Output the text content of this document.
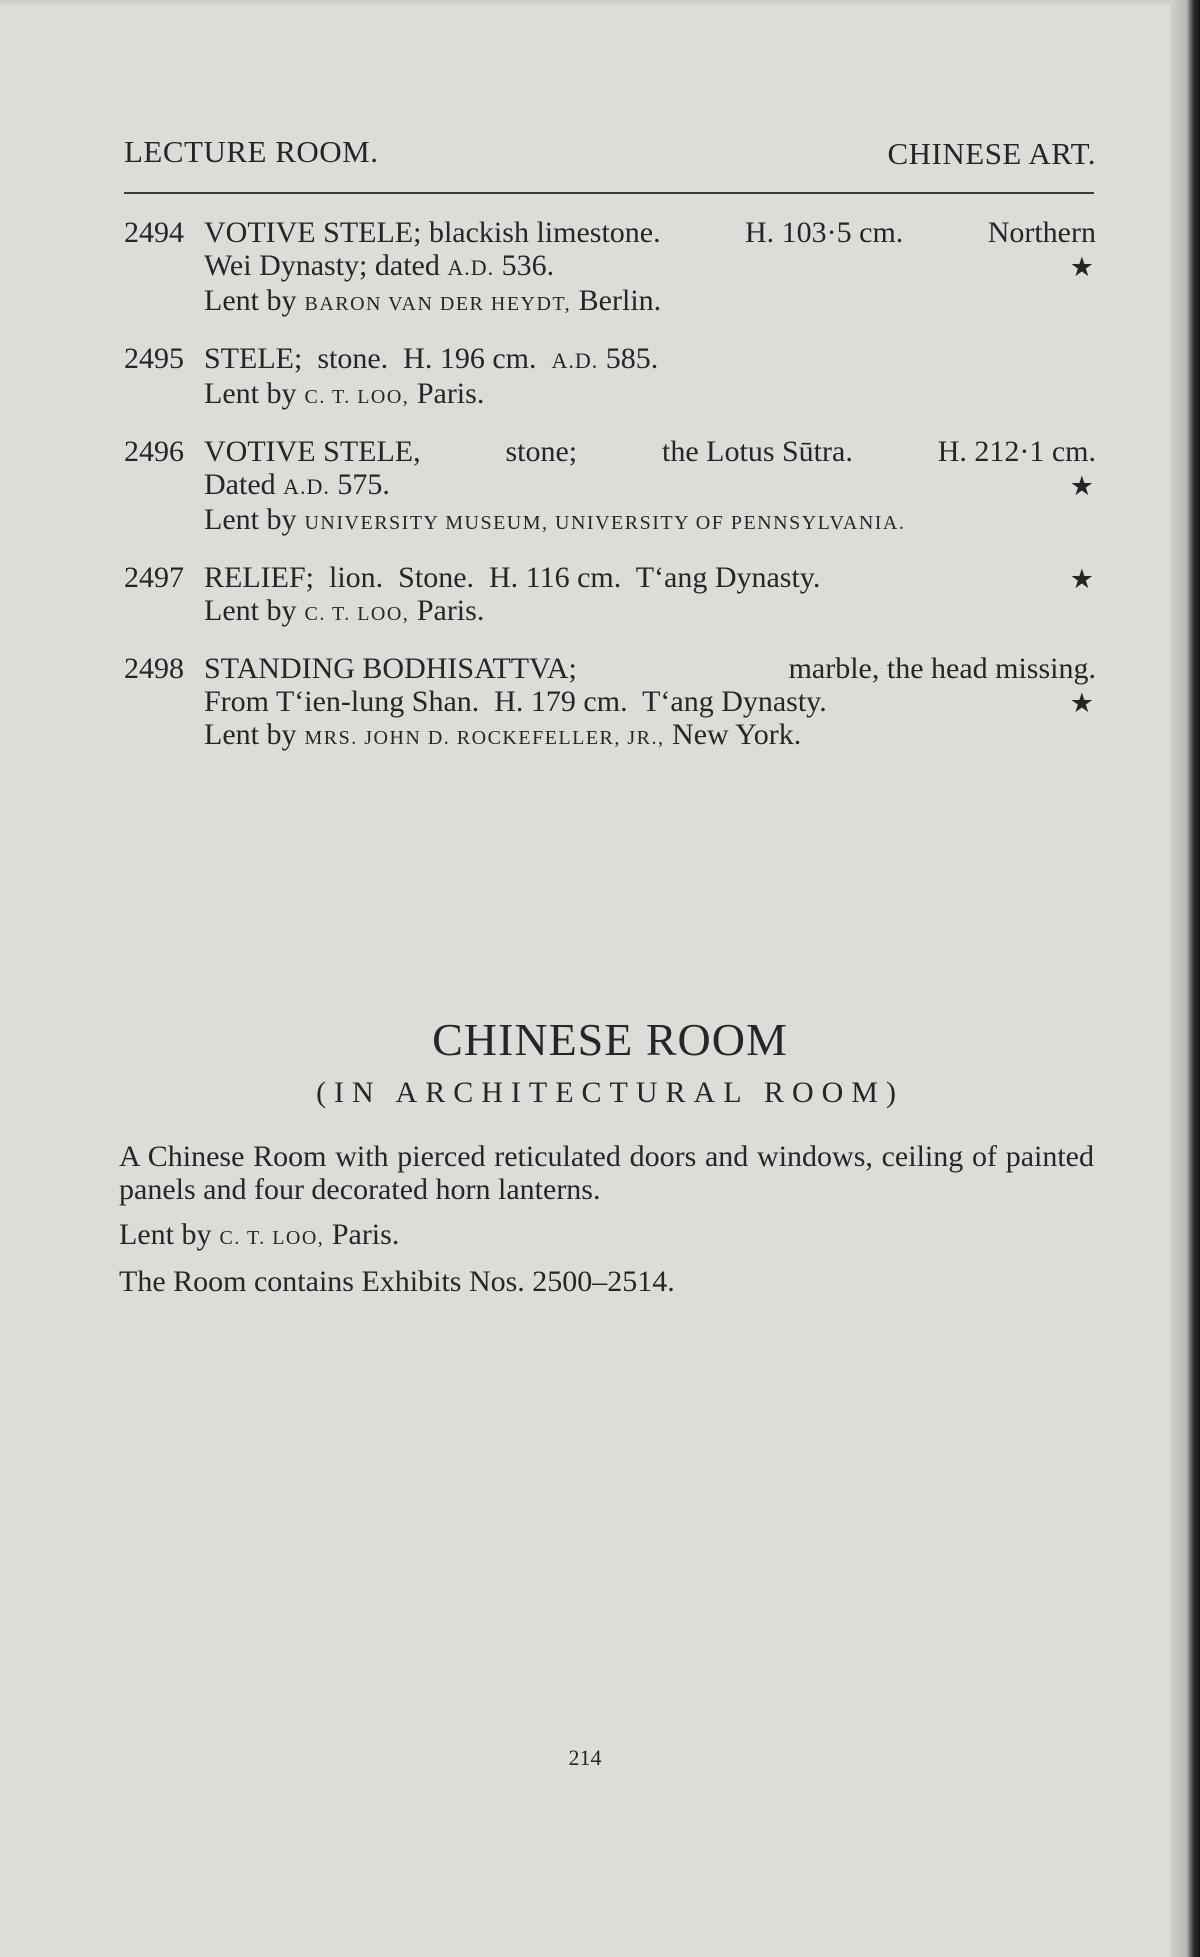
LECTURE ROOM.	CHINESE ART.
2494 VOTIVE STELE; blackish limestone.	H. 103·5 cm.	Northern
Wei Dynasty; dated A.D. 536.	★
Lent by BARON VAN DER HEYDT, Berlin.
2495 STELE; stone. H. 196 cm. A.D. 585.
Lent by C. T. LOO, Paris.
2496 VOTIVE STELE,	stone;	the Lotus Sūtra.	H. 212·1 cm.
Dated A.D. 575.	★
Lent by UNIVERSITY MUSEUM, UNIVERSITY OF PENNSYLVANIA.
2497 RELIEF; lion. Stone. H. 116 cm. T‘ang Dynasty.	★
Lent by C. T. LOO, Paris.
2498 STANDING BODHISATTVA;	marble, the head missing.
From T‘ien-lung Shan. H. 179 cm. T‘ang Dynasty.	★
Lent by MRS. JOHN D. ROCKEFELLER, JR., New York.
CHINESE ROOM
(IN ARCHITECTURAL ROOM)
A Chinese Room with pierced reticulated doors and windows, ceiling of painted panels and four decorated horn lanterns.
Lent by C. T. LOO, Paris.
The Room contains Exhibits Nos. 2500–2514.
214
